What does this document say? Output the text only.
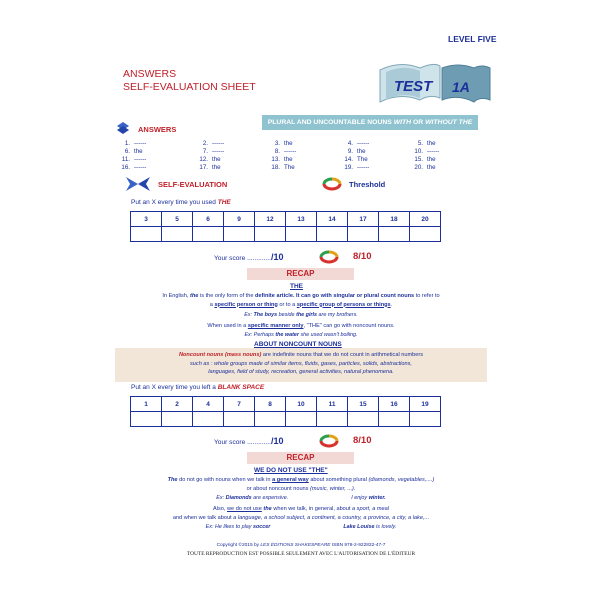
LEVEL FIVE
ANSWERS
SELF-EVALUATION SHEET	TEST 1A
PLURAL AND UNCOUNTABLE NOUNS WITH OR WITHOUT THE
ANSWERS
1. ------	2. ------	3. the	4. ------	5. the
6. the	7. ------	8. ------	9. the	10. ------
11. ------	12. the	13. the	14. The	15. the
16. ------	17. the	18. The	19. ------	20. the
SELF-EVALUATION	Threshold
Put an X every time you used THE
3	5	6	9	12	13	14	17	18	20

Your score ............./10	8/10
RECAP
THE
In English, the is the only form of the definite article. It can go with singular or plural count nouns to refer to
a specific person or thing or to a specific group of persons or things.
Ex: The boys beside the girls are my brothers.
When used in a specific manner only, "THE" can go with noncount nouns.
Ex: Perhaps the water she used wasn't boiling.
ABOUT NONCOUNT NOUNS
Noncount nouns (mass nouns) are indefinite nouns that we do not count in arithmetical numbers
such as : whole groups made of similar items, fluids, gases, particles, solids, abstractions,
languages, field of study, recreation, general activities, natural phenomena.
Put an X every time you left a BLANK SPACE
1	2	4	7	8	10	11	15	16	19

Your score ............./10	8/10
RECAP
WE DO NOT USE "THE"
The do not go with nouns when we talk in a general way about something plural (diamonds, vegetables,....)
or about noncount nouns (music, winter, ...).
Ex: Diamonds are expensive.	I enjoy winter.
Also, we do not use the when we talk, in general, about a sport, a meal
and when we talk about a language, a school subject, a continent, a country, a province, a city, a lake,...
Ex: He likes to play soccer	Lake Louise is lovely.
Copyright ©2015 by LES ÉDITIONS SHAKESPEARE ISBN 978-2-922832-47-7
TOUTE REPRODUCTION EST POSSIBLE SEULEMENT AVEC L'AUTORISATION DE L'ÉDITEUR
